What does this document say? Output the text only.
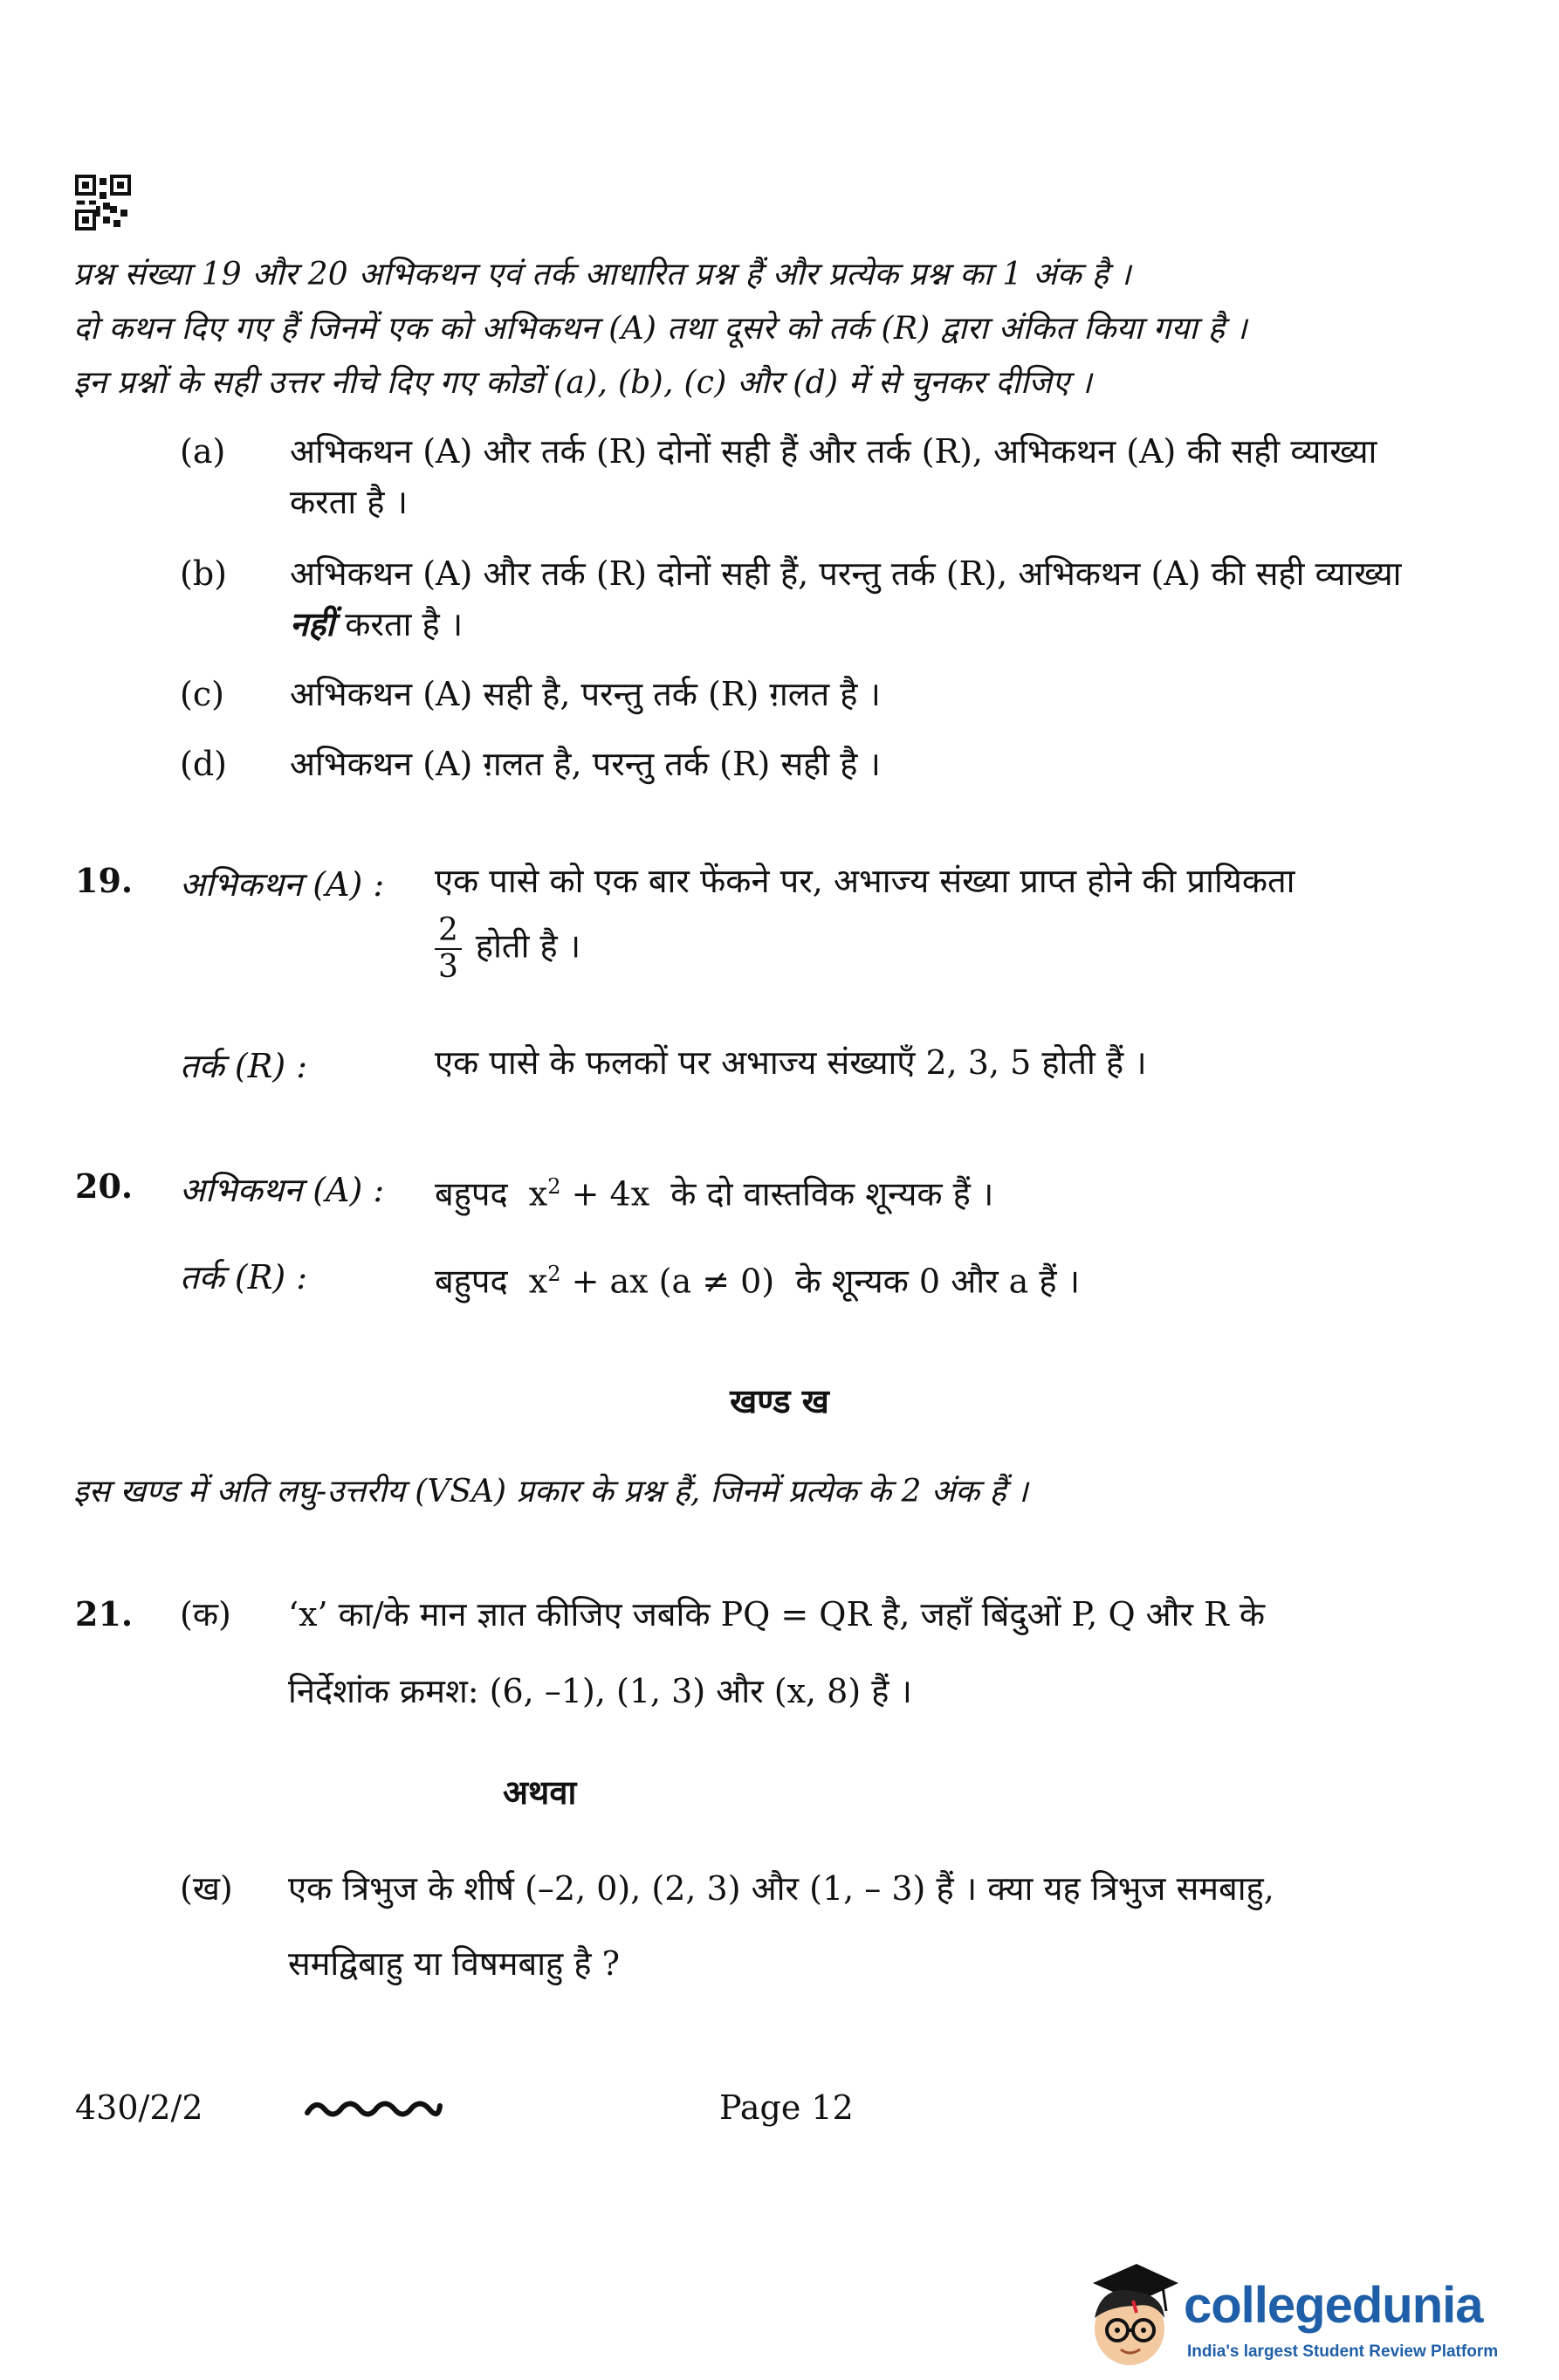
प्रश्न संख्या 19 और 20 अभिकथन एवं तर्क आधारित प्रश्न हैं और प्रत्येक प्रश्न का 1 अंक है ।
दो कथन दिए गए हैं जिनमें एक को अभिकथन (A) तथा दूसरे को तर्क (R) द्वारा अंकित किया गया है ।
इन प्रश्नों के सही उत्तर नीचे दिए गए कोडों (a), (b), (c) और (d) में से चुनकर दीजिए ।
(a)	अभिकथन (A) और तर्क (R) दोनों सही हैं और तर्क (R), अभिकथन (A) की सही व्याख्या करता है ।
(b)	अभिकथन (A) और तर्क (R) दोनों सही हैं, परन्तु तर्क (R), अभिकथन (A) की सही व्याख्या नहीं करता है ।
(c)	अभिकथन (A) सही है, परन्तु तर्क (R) ग़लत है ।
(d)	अभिकथन (A) ग़लत है, परन्तु तर्क (R) सही है ।
19. अभिकथन (A) : एक पासे को एक बार फेंकने पर, अभाज्य संख्या प्राप्त होने की प्रायिकता
$\frac{2}{3}$ होती है ।
तर्क (R) :	एक पासे के फलकों पर अभाज्य संख्याएँ 2, 3, 5 होती हैं ।
20. अभिकथन (A) : बहुपद  $x^2 + 4x$  के दो वास्तविक शून्यक हैं ।
तर्क (R) :	बहुपद  $x^2$ + ax (a ≠ 0)  के शून्यक 0 और a हैं ।
खण्ड ख
इस खण्ड में अति लघु-उत्तरीय (VSA) प्रकार के प्रश्न हैं, जिनमें प्रत्येक के 2 अंक हैं ।
21. (क) ‘x’ का/के मान ज्ञात कीजिए जबकि PQ = QR है, जहाँ बिंदुओं P, Q और R के
निर्देशांक क्रमश: (6, –1), (1, 3) और (x, 8) हैं ।
अथवा
(ख) एक त्रिभुज के शीर्ष (–2, 0), (2, 3) और (1, – 3) हैं । क्या यह त्रिभुज समबाहु,
समद्विबाहु या विषमबाहु है ?
430/2/2	Page 12
collegedunia
India's largest Student Review Platform
